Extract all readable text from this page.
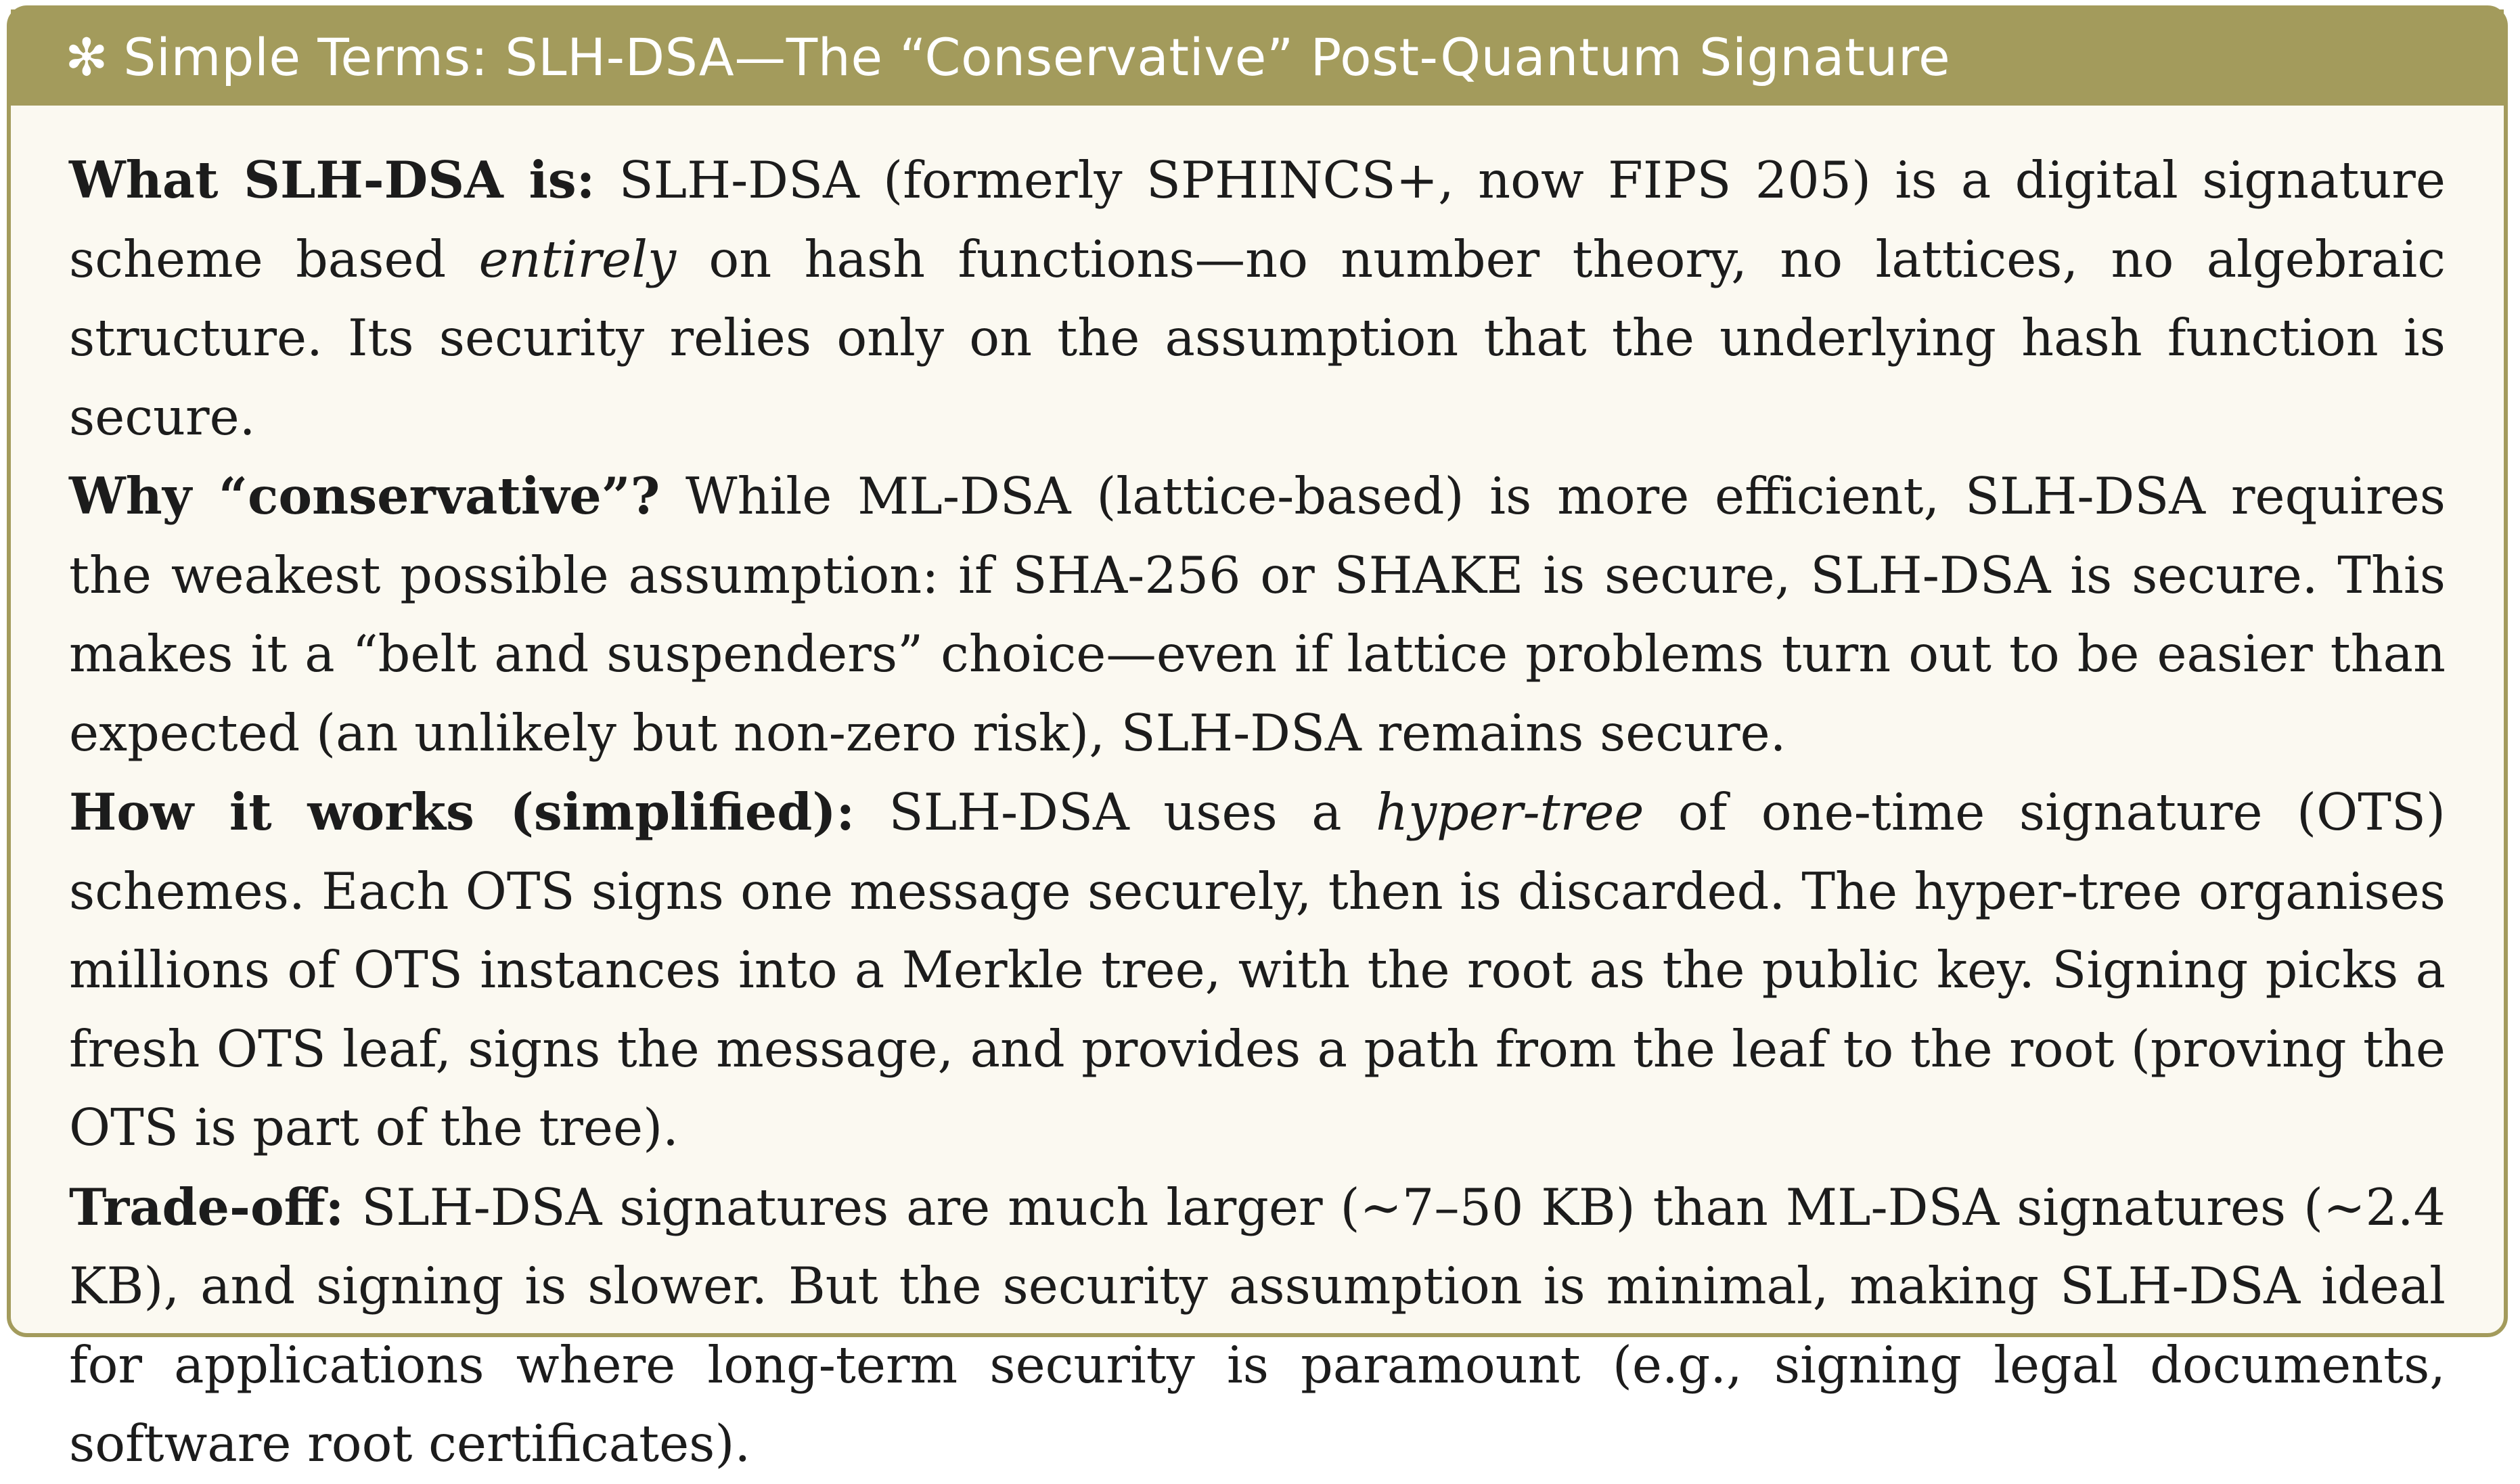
✻ Simple Terms: SLH-DSA—The “Conservative” Post-Quantum Signature

What SLH-DSA is: SLH-DSA (formerly SPHINCS+, now FIPS 205) is a digital signature scheme based entirely on hash functions—no number theory, no lattices, no algebraic structure. Its security relies only on the assumption that the underlying hash function is secure.

Why “conservative”? While ML-DSA (lattice-based) is more efficient, SLH-DSA requires the weakest possible assumption: if SHA-256 or SHAKE is secure, SLH-DSA is secure. This makes it a “belt and suspenders” choice—even if lattice problems turn out to be easier than expected (an unlikely but non-zero risk), SLH-DSA remains secure.

How it works (simplified): SLH-DSA uses a hyper-tree of one-time signature (OTS) schemes. Each OTS signs one message securely, then is discarded. The hyper-tree organises millions of OTS instances into a Merkle tree, with the root as the public key. Signing picks a fresh OTS leaf, signs the message, and provides a path from the leaf to the root (proving the OTS is part of the tree).

Trade-off: SLH-DSA signatures are much larger (∼7–50 KB) than ML-DSA signatures (∼2.4 KB), and signing is slower. But the security assumption is minimal, making SLH-DSA ideal for applications where long-term security is paramount (e.g., signing legal documents, software root certificates).
